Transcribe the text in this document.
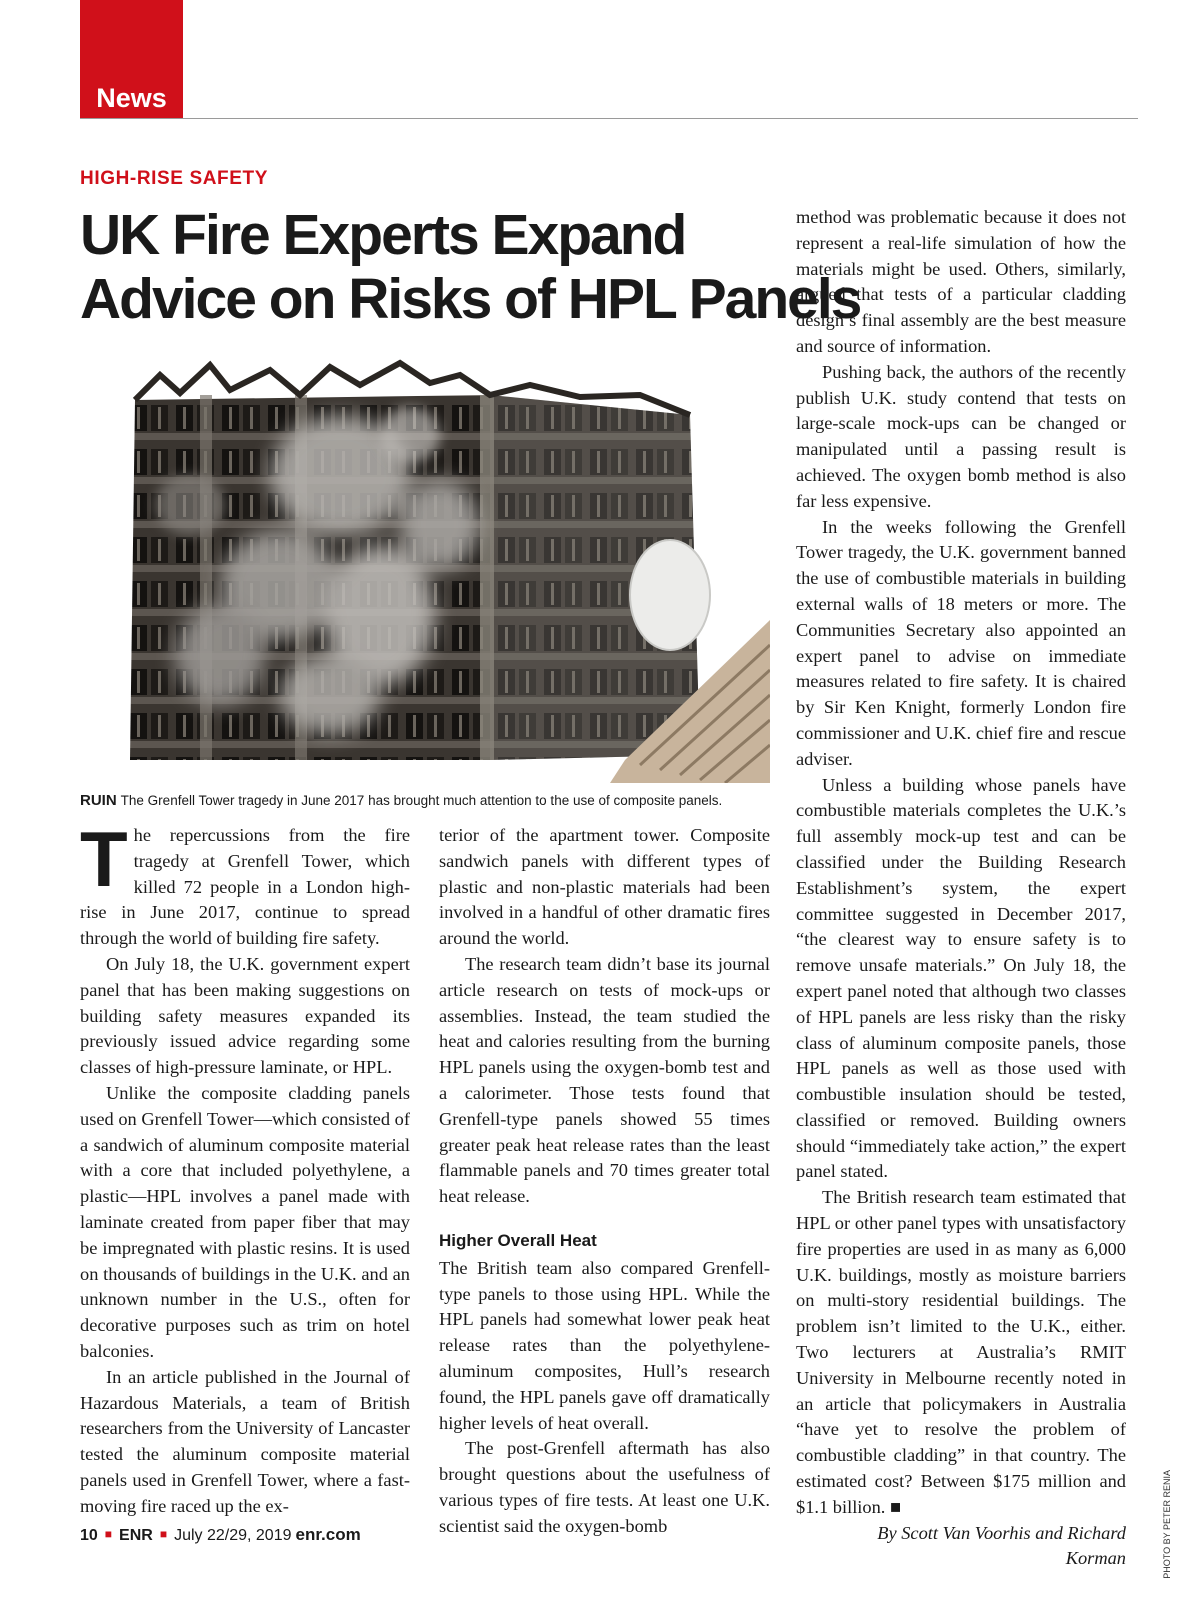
News
HIGH-RISE SAFETY
UK Fire Experts Expand
Advice on Risks of HPL Panels
RUIN The Grenfell Tower tragedy in June 2017 has brought much attention to the use of composite panels.

The repercussions from the fire tragedy at Grenfell Tower, which killed 72 people in a London high-rise in June 2017, continue to spread through the world of building fire safety.

On July 18, the U.K. government expert panel that has been making suggestions on building safety measures expanded its previously issued advice regarding some classes of high-pressure laminate, or HPL.

Unlike the composite cladding panels used on Grenfell Tower—which consisted of a sandwich of aluminum composite material with a core that included polyethylene, a plastic—HPL involves a panel made with laminate created from paper fiber that may be impregnated with plastic resins. It is used on thousands of buildings in the U.K. and an unknown number in the U.S., often for decorative purposes such as trim on hotel balconies.

In an article published in the Journal of Hazardous Materials, a team of British researchers from the University of Lancaster tested the aluminum composite material panels used in Grenfell Tower, where a fast-moving fire raced up the ex-

terior of the apartment tower. Composite sandwich panels with different types of plastic and non-plastic materials had been involved in a handful of other dramatic fires around the world.

The research team didn’t base its journal article research on tests of mock-ups or assemblies. Instead, the team studied the heat and calories resulting from the burning HPL panels using the oxygen-bomb test and a calorimeter. Those tests found that Grenfell-type panels showed 55 times greater peak heat release rates than the least flammable panels and 70 times greater total heat release.

Higher Overall Heat

The British team also compared Grenfell-type panels to those using HPL. While the HPL panels had somewhat lower peak heat release rates than the polyethylene-aluminum composites, Hull’s research found, the HPL panels gave off dramatically higher levels of heat overall.

The post-Grenfell aftermath has also brought questions about the usefulness of various types of fire tests. At least one U.K. scientist said the oxygen-bomb

method was problematic because it does not represent a real-life simulation of how the materials might be used. Others, similarly, argued that tests of a particular cladding design’s final assembly are the best measure and source of information.

Pushing back, the authors of the recently publish U.K. study contend that tests on large-scale mock-ups can be changed or manipulated until a passing result is achieved. The oxygen bomb method is also far less expensive.

In the weeks following the Grenfell Tower tragedy, the U.K. government banned the use of combustible materials in building external walls of 18 meters or more. The Communities Secretary also appointed an expert panel to advise on immediate measures related to fire safety. It is chaired by Sir Ken Knight, formerly London fire commissioner and U.K. chief fire and rescue adviser.

Unless a building whose panels have combustible materials completes the U.K.’s full assembly mock-up test and can be classified under the Building Research Establishment’s system, the expert committee suggested in December 2017, “the clearest way to ensure safety is to remove unsafe materials.” On July 18, the expert panel noted that although two classes of HPL panels are less risky than the risky class of aluminum composite panels, those HPL panels as well as those used with combustible insulation should be tested, classified or removed. Building owners should “immediately take action,” the expert panel stated.

The British research team estimated that HPL or other panel types with unsatisfactory fire properties are used in as many as 6,000 U.K. buildings, mostly as moisture barriers on multi-story residential buildings. The problem isn’t limited to the U.K., either. Two lecturers at Australia’s RMIT University in Melbourne recently noted in an article that policymakers in Australia “have yet to resolve the problem of combustible cladding” in that country. The estimated cost? Between $175 million and $1.1 billion. ■

By Scott Van Voorhis and Richard Korman	PHOTO BY PETER RENIA
10 ■ ENR ■ July 22/29, 2019 enr.com
